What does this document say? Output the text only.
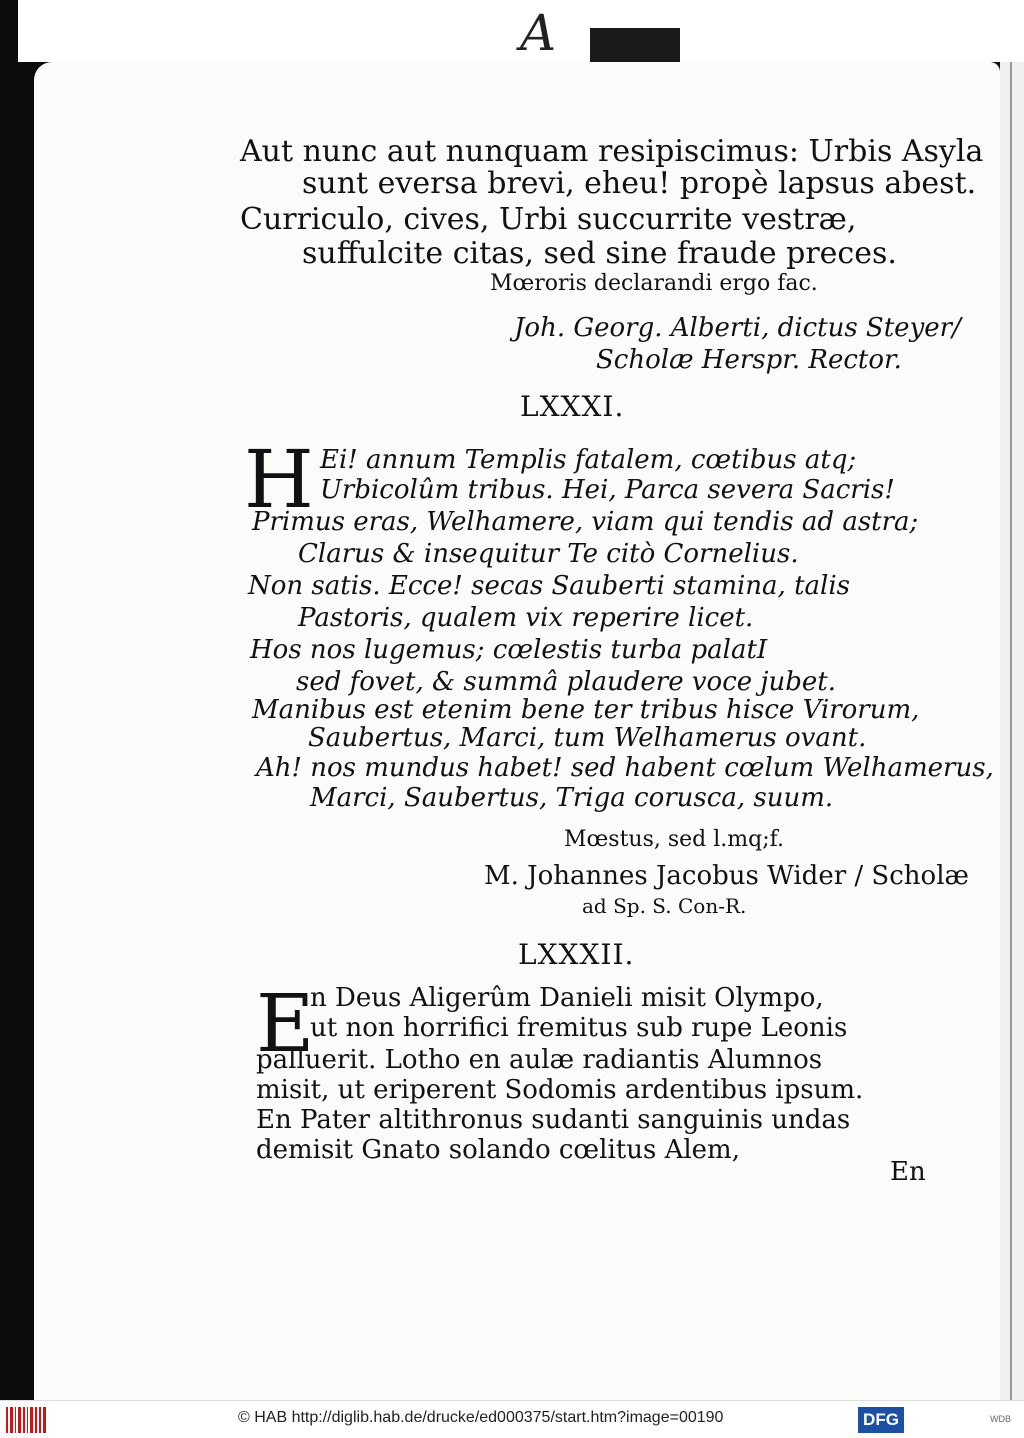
A
Aut nunc aut nunquam resipiscimus: Urbis Asyla
sunt eversa brevi, eheu! propè lapsus abest.
Curriculo, cives, Urbi succurrite vestræ,
suffulcite citas, sed sine fraude preces.
Mœroris declarandi ergo fac.
Joh. Georg. Alberti, dictus Steyer/
Scholæ Herspr. Rector.
LXXXI.
H Ei! annum Templis fatalem, cœtibus atq;
Urbicolûm tribus. Hei, Parca severa Sacris!
Primus eras, Welhamere, viam qui tendis ad astra;
Clarus & insequitur Te citò Cornelius.
Non satis. Ecce! secas Sauberti stamina, talis
Pastoris, qualem vix reperire licet.
Hos nos lugemus; cœlestis turba palatI
sed fovet, & summâ plaudere voce jubet.
Manibus est etenim bene ter tribus hisce Virorum,
Saubertus, Marci, tum Welhamerus ovant.
Ah! nos mundus habet! sed habent cœlum Welhamerus,
Marci, Saubertus, Triga corusca, suum.
Mœstus, sed l.mq;f.
M. Johannes Jacobus Wider / Scholæ
ad Sp. S. Con-R.
LXXXII.
E
n Deus Aligerûm Danieli misit Olympo,
ut non horrifici fremitus sub rupe Leonis
palluerit. Lotho en aulæ radiantis Alumnos
misit, ut eriperent Sodomis ardentibus ipsum.
En Pater altithronus sudanti sanguinis undas
demisit Gnato solando cœlitus Alem,
En
© HAB http://diglib.hab.de/drucke/ed000375/start.htm?image=00190	DFG	WDB
